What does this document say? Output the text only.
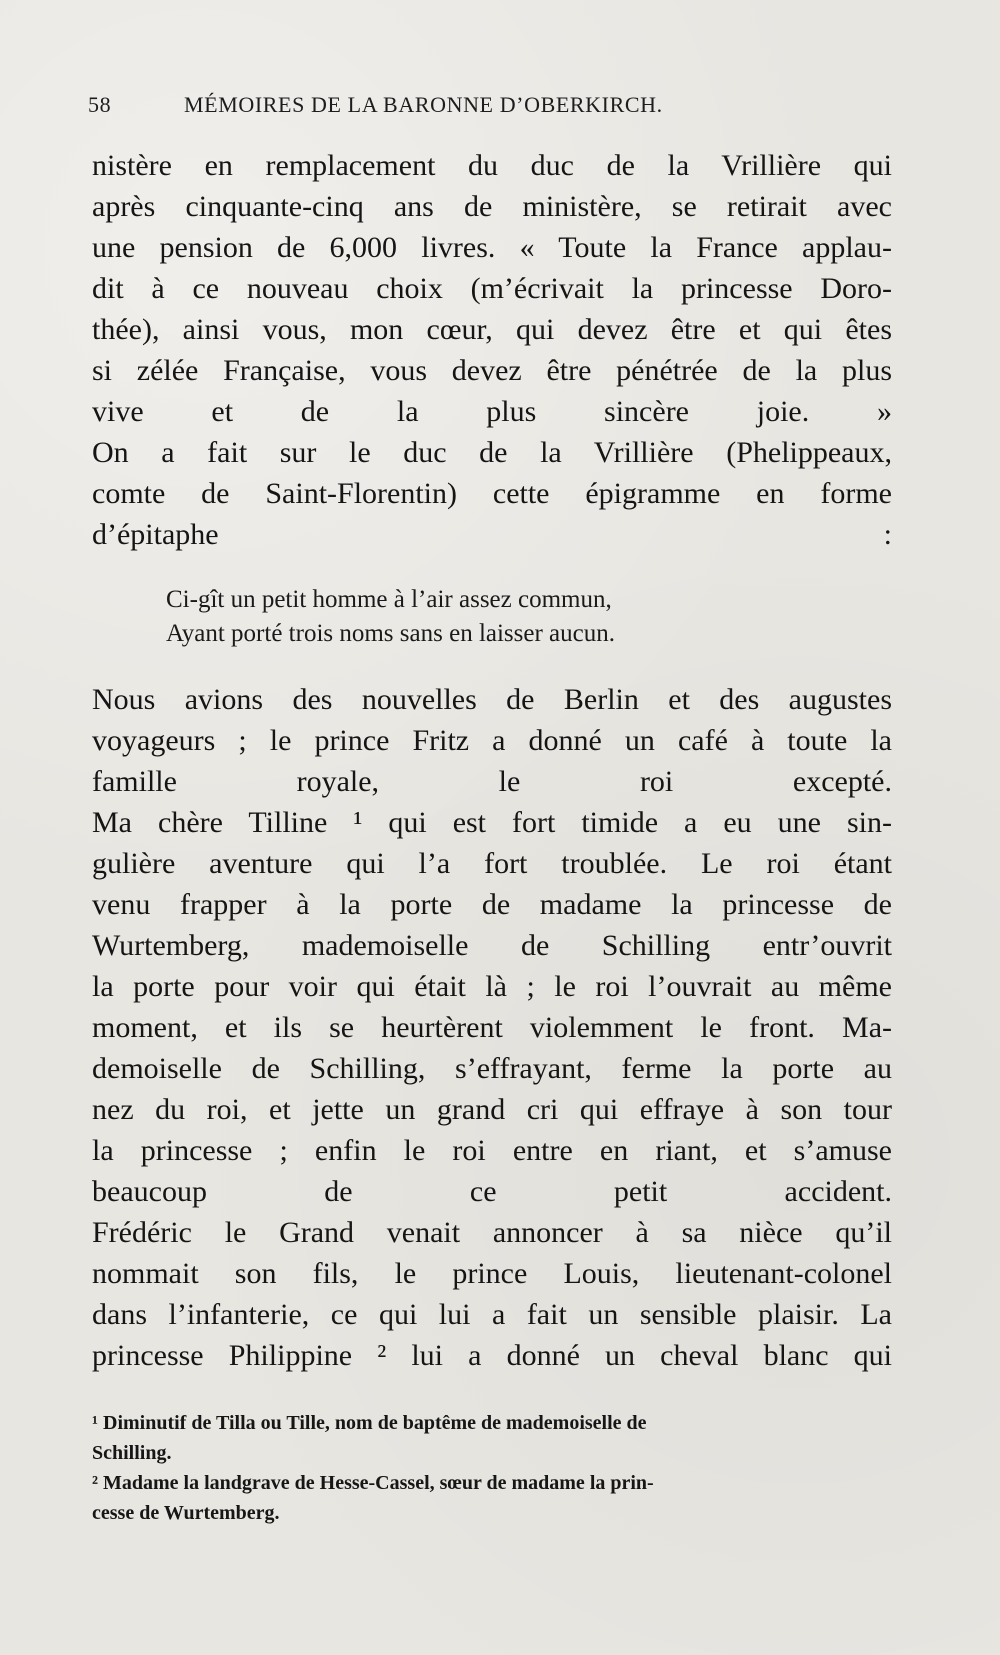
58	MÉMOIRES DE LA BARONNE D’OBERKIRCH.

nistère en remplacement du duc de la Vrillière qui
après cinquante-cinq ans de ministère, se retirait avec
une pension de 6,000 livres. « Toute la France applau-
dit à ce nouveau choix (m’écrivait la princesse Doro-
thée), ainsi vous, mon cœur, qui devez être et qui êtes
si zélée Française, vous devez être pénétrée de la plus
vive et de la plus sincère joie. »

On a fait sur le duc de la Vrillière (Phelippeaux,
comte de Saint-Florentin) cette épigramme en forme
d’épitaphe :

Ci-gît un petit homme à l’air assez commun,
Ayant porté trois noms sans en laisser aucun.

Nous avions des nouvelles de Berlin et des augustes
voyageurs ; le prince Fritz a donné un café à toute la
famille royale, le roi excepté.

Ma chère Tilline ¹ qui est fort timide a eu une sin-
gulière aventure qui l’a fort troublée. Le roi étant
venu frapper à la porte de madame la princesse de
Wurtemberg, mademoiselle de Schilling entr’ouvrit
la porte pour voir qui était là ; le roi l’ouvrait au même
moment, et ils se heurtèrent violemment le front. Ma-
demoiselle de Schilling, s’effrayant, ferme la porte au
nez du roi, et jette un grand cri qui effraye à son tour
la princesse ; enfin le roi entre en riant, et s’amuse
beaucoup de ce petit accident.

Frédéric le Grand venait annoncer à sa nièce qu’il
nommait son fils, le prince Louis, lieutenant-colonel
dans l’infanterie, ce qui lui a fait un sensible plaisir. La
princesse Philippine ² lui a donné un cheval blanc qui

¹ Diminutif de Tilla ou Tille, nom de baptême de mademoiselle de
Schilling.
² Madame la landgrave de Hesse-Cassel, sœur de madame la prin-
cesse de Wurtemberg.
